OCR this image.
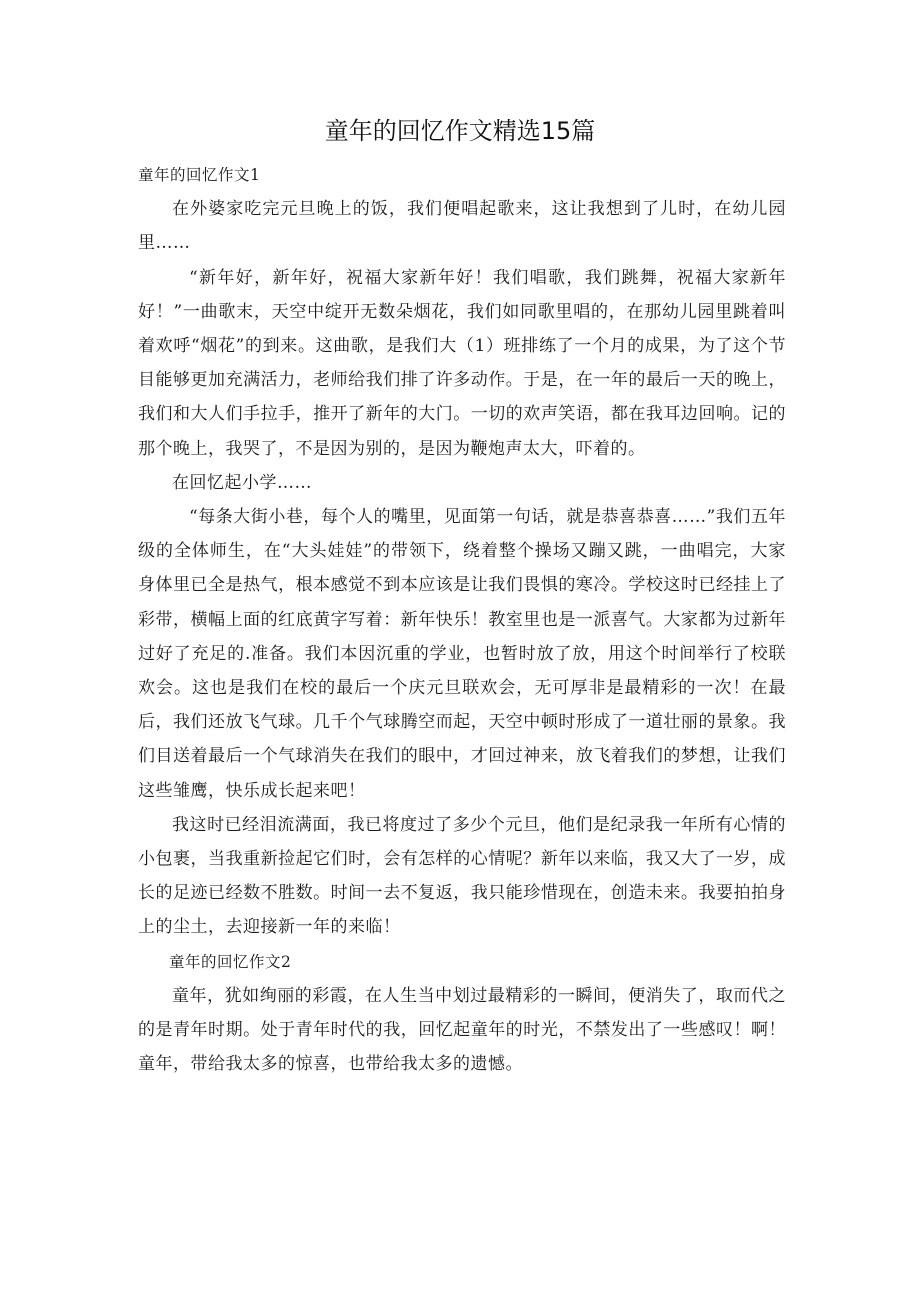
童年的回忆作文精选15篇

童年的回忆作文1

在外婆家吃完元旦晚上的饭，我们便唱起歌来，这让我想到了儿时，在幼儿园里……

“新年好，新年好，祝福大家新年好！我们唱歌，我们跳舞，祝福大家新年好！”一曲歌末，天空中绽开无数朵烟花，我们如同歌里唱的，在那幼儿园里跳着叫着欢呼“烟花”的到来。这曲歌，是我们大（1）班排练了一个月的成果，为了这个节目能够更加充满活力，老师给我们排了许多动作。于是，在一年的最后一天的晚上，我们和大人们手拉手，推开了新年的大门。一切的欢声笑语，都在我耳边回响。记的那个晚上，我哭了，不是因为别的，是因为鞭炮声太大，吓着的。

在回忆起小学……

“每条大街小巷，每个人的嘴里，见面第一句话，就是恭喜恭喜……”我们五年级的全体师生，在“大头娃娃”的带领下，绕着整个操场又蹦又跳，一曲唱完，大家身体里已全是热气，根本感觉不到本应该是让我们畏惧的寒冷。学校这时已经挂上了彩带，横幅上面的红底黄字写着：新年快乐！教室里也是一派喜气。大家都为过新年过好了充足的.准备。我们本因沉重的学业，也暂时放了放，用这个时间举行了校联欢会。这也是我们在校的最后一个庆元旦联欢会，无可厚非是最精彩的一次！在最后，我们还放飞气球。几千个气球腾空而起，天空中顿时形成了一道壮丽的景象。我们目送着最后一个气球消失在我们的眼中，才回过神来，放飞着我们的梦想，让我们这些雏鹰，快乐成长起来吧！

我这时已经泪流满面，我已将度过了多少个元旦，他们是纪录我一年所有心情的小包裹，当我重新捡起它们时，会有怎样的心情呢？新年以来临，我又大了一岁，成长的足迹已经数不胜数。时间一去不复返，我只能珍惜现在，创造未来。我要拍拍身上的尘土，去迎接新一年的来临！

童年的回忆作文2

童年，犹如绚丽的彩霞，在人生当中划过最精彩的一瞬间，便消失了，取而代之的是青年时期。处于青年时代的我，回忆起童年的时光，不禁发出了一些感叹！啊！童年，带给我太多的惊喜，也带给我太多的遗憾。
